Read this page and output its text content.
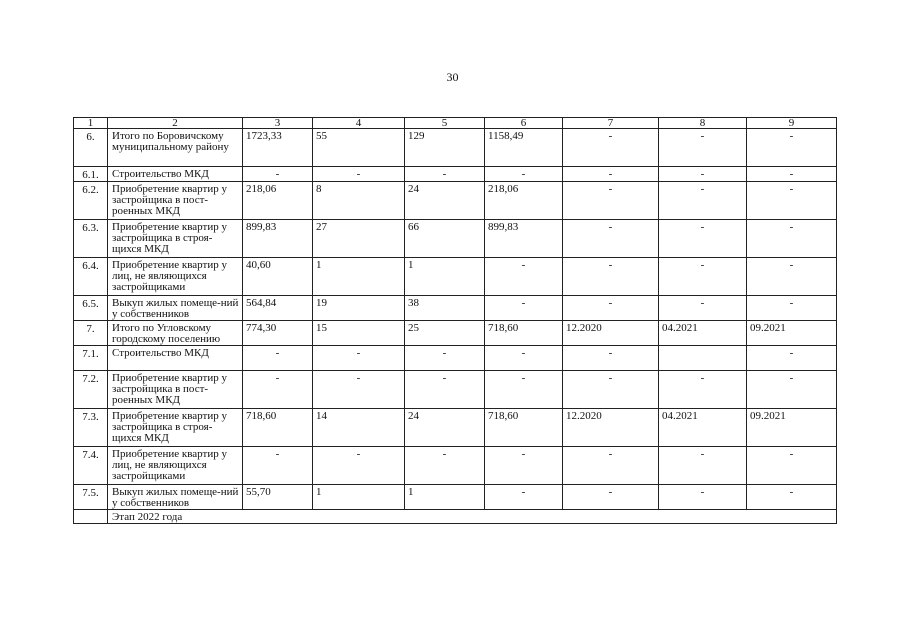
30
1	2	3	4	5	6	7	8	9
6.	Итого по Боровичскому муниципальному району	1723,33	55	129	1158,49	-	-	-
6.1.	Строительство МКД	-	-	-	-	-	-	-
6.2.	Приобретение квартир у застройщика в пост-роенных МКД	218,06	8	24	218,06	-	-	-
6.3.	Приобретение квартир у застройщика в строя-щихся МКД	899,83	27	66	899,83	-	-	-
6.4.	Приобретение квартир у лиц, не являющихся застройщиками	40,60	1	1	-	-	-	-
6.5.	Выкуп жилых помеще-ний у собственников	564,84	19	38	-	-	-	-
7.	Итого по Угловскому городскому поселению	774,30	15	25	718,60	12.2020	04.2021	09.2021
7.1.	Строительство МКД	-	-	-	-	-		-
7.2.	Приобретение квартир у застройщика в пост-роенных МКД	-	-	-	-	-	-	-
7.3.	Приобретение квартир у застройщика в строя-щихся МКД	718,60	14	24	718,60	12.2020	04.2021	09.2021
7.4.	Приобретение квартир у лиц, не являющихся застройщиками	-	-	-	-	-	-	-
7.5.	Выкуп жилых помеще-ний у собственников	55,70	1	1	-	-	-	-
	Этап 2022 года							
